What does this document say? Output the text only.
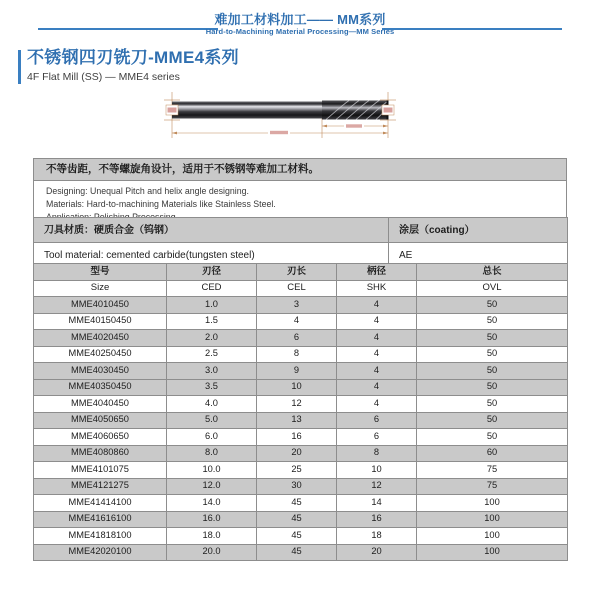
难加工材料加工—— MM系列
Hard-to-Machining Material Processing—MM Series
不锈钢四刃铣刀-MME4系列
4F Flat Mill (SS) — MME4 series
不等齿距，不等螺旋角设计，适用于不锈钢等难加工材料。

Designing: Unequal Pitch and helix angle designing.

Materials: Hard-to-machining Materials like Stainless Steel.

刀具材质：硬质合金（钨钢）	涂层（coating）
Tool material: cemented carbide(tungsten steel)	AE
型号	刃径	刃长	柄径	总长
Size	CED	CEL	SHK	OVL
MME4010450	1.0	3	4	50
MME40150450	1.5	4	4	50
MME4020450	2.0	6	4	50
MME40250450	2.5	8	4	50
MME4030450	3.0	9	4	50
MME40350450	3.5	10	4	50
MME4040450	4.0	12	4	50
MME4050650	5.0	13	6	50
MME4060650	6.0	16	6	50
MME4080860	8.0	20	8	60
MME4101075	10.0	25	10	75
MME4121275	12.0	30	12	75
MME41414100	14.0	45	14	100
MME41616100	16.0	45	16	100
MME41818100	18.0	45	18	100
MME42020100	20.0	45	20	100
